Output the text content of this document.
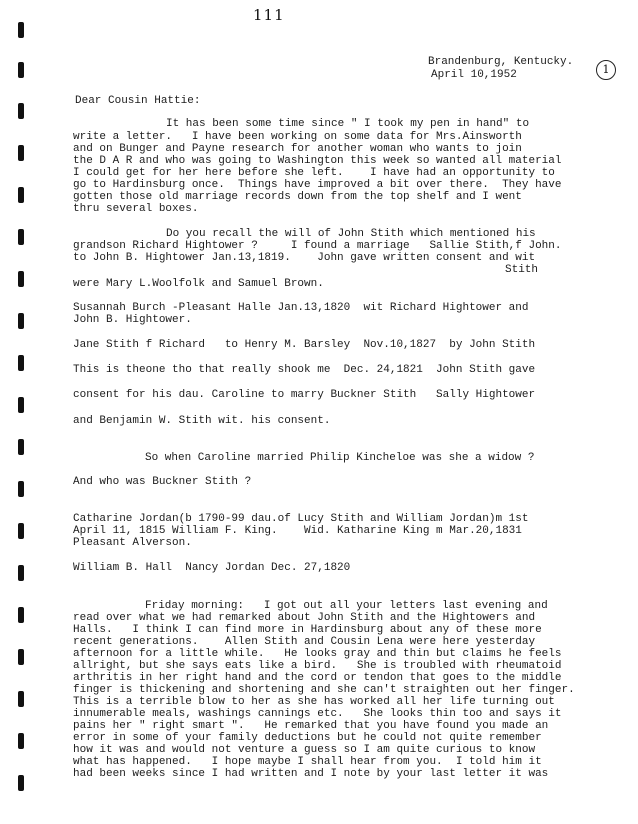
111
Brandenburg, Kentucky.
April 10,1952	1
Dear Cousin Hattie:
It has been some time since " I took my pen in hand" to
write a letter.   I have been working on some data for Mrs.Ainsworth
and on Bunger and Payne research for another woman who wants to join
the D A R and who was going to Washington this week so wanted all material
I could get for her here before she left.    I have had an opportunity to
go to Hardinsburg once.  Things have improved a bit over there.  They have
gotten those old marriage records down from the top shelf and I went
thru several boxes.
Do you recall the will of John Stith which mentioned his
grandson Richard Hightower ?     I found a marriage   Sallie Stith,f John.
to John B. Hightower Jan.13,1819.    John gave written consent and wit
Stith
were Mary L.Woolfolk and Samuel Brown.
Susannah Burch -Pleasant Halle Jan.13,1820  wit Richard Hightower and
John B. Hightower.
Jane Stith f Richard   to Henry M. Barsley  Nov.10,1827  by John Stith
This is theone tho that really shook me  Dec. 24,1821  John Stith gave
consent for his dau. Caroline to marry Buckner Stith   Sally Hightower
and Benjamin W. Stith wit. his consent.
So when Caroline married Philip Kincheloe was she a widow ?
And who was Buckner Stith ?
Catharine Jordan(b 1790-99 dau.of Lucy Stith and William Jordan)m 1st
April 11, 1815 William F. King.    Wid. Katharine King m Mar.20,1831
Pleasant Alverson.
William B. Hall  Nancy Jordan Dec. 27,1820
Friday morning:   I got out all your letters last evening and
read over what we had remarked about John Stith and the Hightowers and
Halls.   I think I can find more in Hardinsburg about any of these more
recent generations.    Allen Stith and Cousin Lena were here yesterday
afternoon for a little while.   He looks gray and thin but claims he feels
allright, but she says eats like a bird.   She is troubled with rheumatoid
arthritis in her right hand and the cord or tendon that goes to the middle
finger is thickening and shortening and she can't straighten out her finger.
This is a terrible blow to her as she has worked all her life turning out
innumerable meals, washings cannings etc.   She looks thin too and says it
pains her " right smart ".   He remarked that you have found you made an
error in some of your family deductions but he could not quite remember
how it was and would not venture a guess so I am quite curious to know
what has happened.   I hope maybe I shall hear from you.  I told him it
had been weeks since I had written and I note by your last letter it was
